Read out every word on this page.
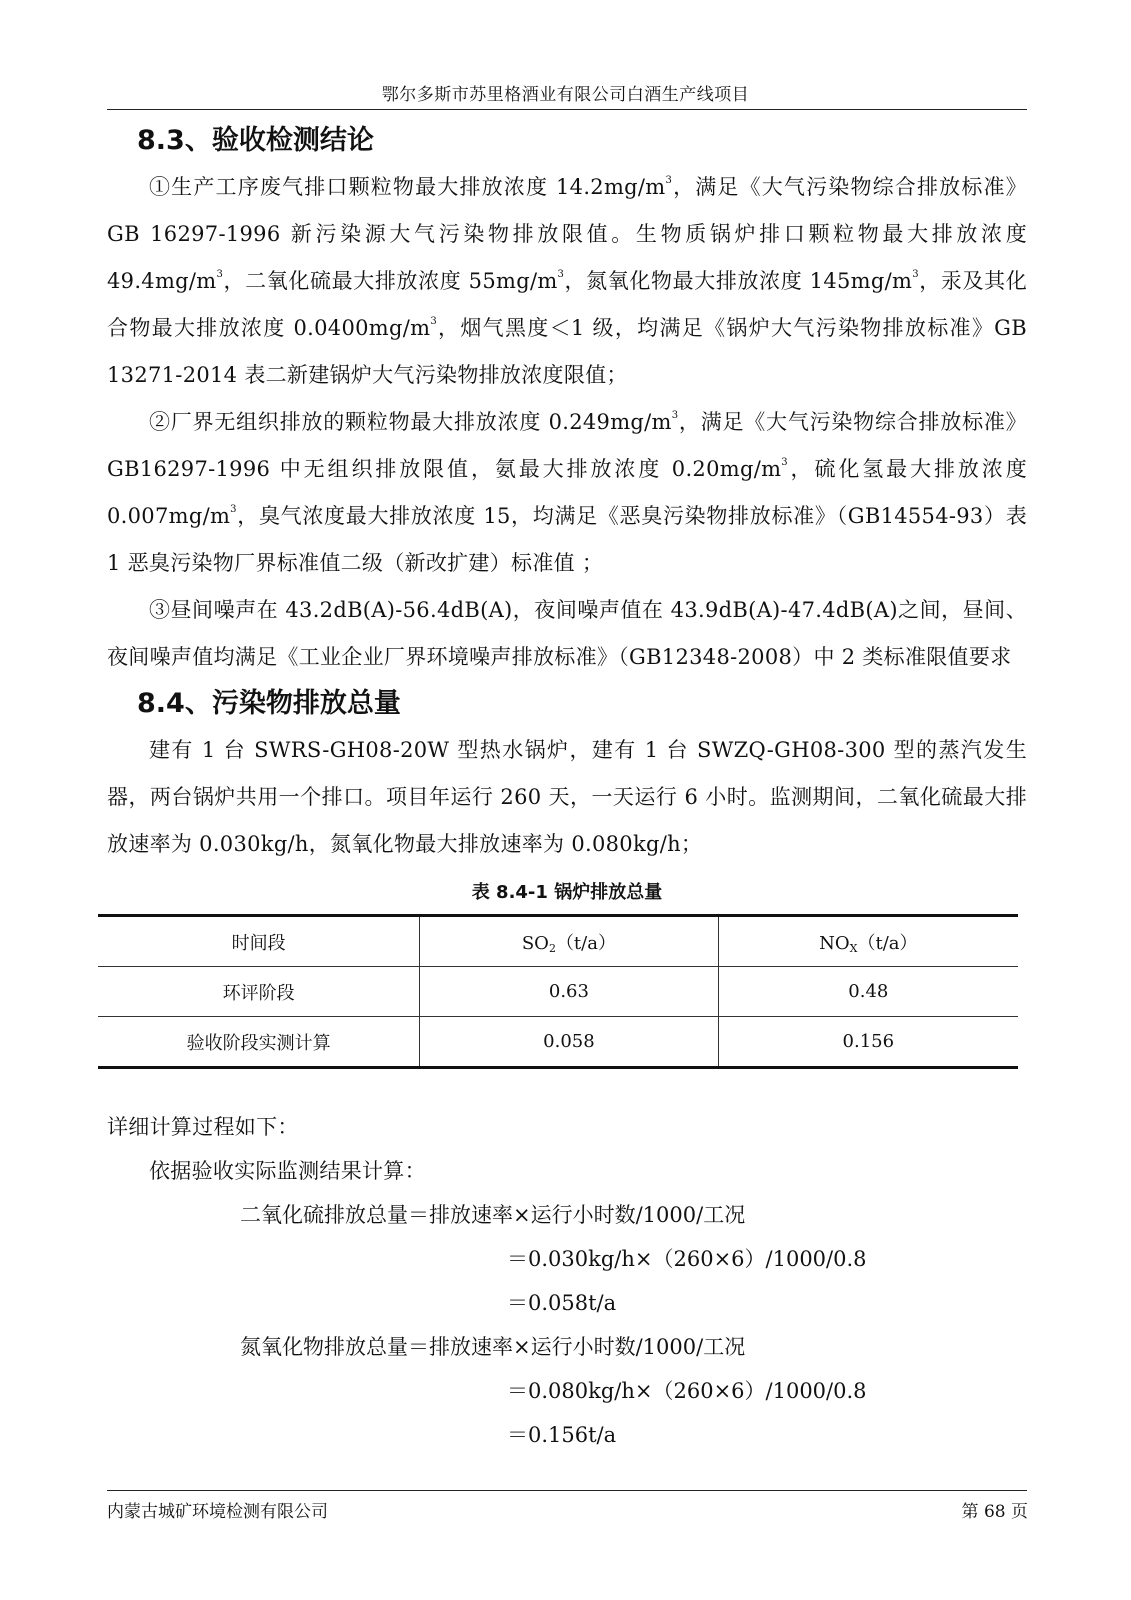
鄂尔多斯市苏里格酒业有限公司白酒生产线项目
8.3、验收检测结论

①生产工序废气排口颗粒物最大排放浓度 $14.2mg/m^3$，满足《大气污染物综合排放标准》GB 16297-1996 新污染源大气污染物排放限值。生物质锅炉排口颗粒物最大排放浓度 $49.4mg/m^3$，二氧化硫最大排放浓度 $55mg/m^3$，氮氧化物最大排放浓度 $145mg/m^3$，汞及其化合物最大排放浓度 $0.0400mg/m^3$，烟气黑度＜1 级，均满足《锅炉大气污染物排放标准》GB 13271-2014 表二新建锅炉大气污染物排放浓度限值；

②厂界无组织排放的颗粒物最大排放浓度 $0.249mg/m^3$，满足《大气污染物综合排放标准》GB16297-1996 中无组织排放限值，氨最大排放浓度 $0.20mg/m^3$，硫化氢最大排放浓度 $0.007mg/m^3$，臭气浓度最大排放浓度 15，均满足《恶臭污染物排放标准》（GB14554-93）表 1 恶臭污染物厂界标准值二级（新改扩建）标准值 ；

③昼间噪声在 43.2dB(A)-56.4dB(A)，夜间噪声值在 43.9dB(A)-47.4dB(A)之间，昼间、夜间噪声值均满足《工业企业厂界环境噪声排放标准》（GB12348-2008）中 2 类标准限值要求

8.4、污染物排放总量

建有 1 台 SWRS-GH08-20W 型热水锅炉，建有 1 台 SWZQ-GH08-300 型的蒸汽发生器，两台锅炉共用一个排口。项目年运行 260 天，一天运行 6 小时。监测期间，二氧化硫最大排放速率为 0.030kg/h，氮氧化物最大排放速率为 0.080kg/h；

表 8.4-1 锅炉排放总量
时间段	$SO_2(t/a)$	$NO_X(t/a)$
环评阶段	0.63	0.48
验收阶段实测计算	0.058	0.156

详细计算过程如下：

依据验收实际监测结果计算：

二氧化硫排放总量＝排放速率×运行小时数/1000/工况

＝0.030kg/h×（260×6）/1000/0.8

＝0.058t/a

氮氧化物排放总量＝排放速率×运行小时数/1000/工况

＝0.080kg/h×（260×6）/1000/0.8

＝0.156t/a

内蒙古城矿环境检测有限公司	第 68 页
